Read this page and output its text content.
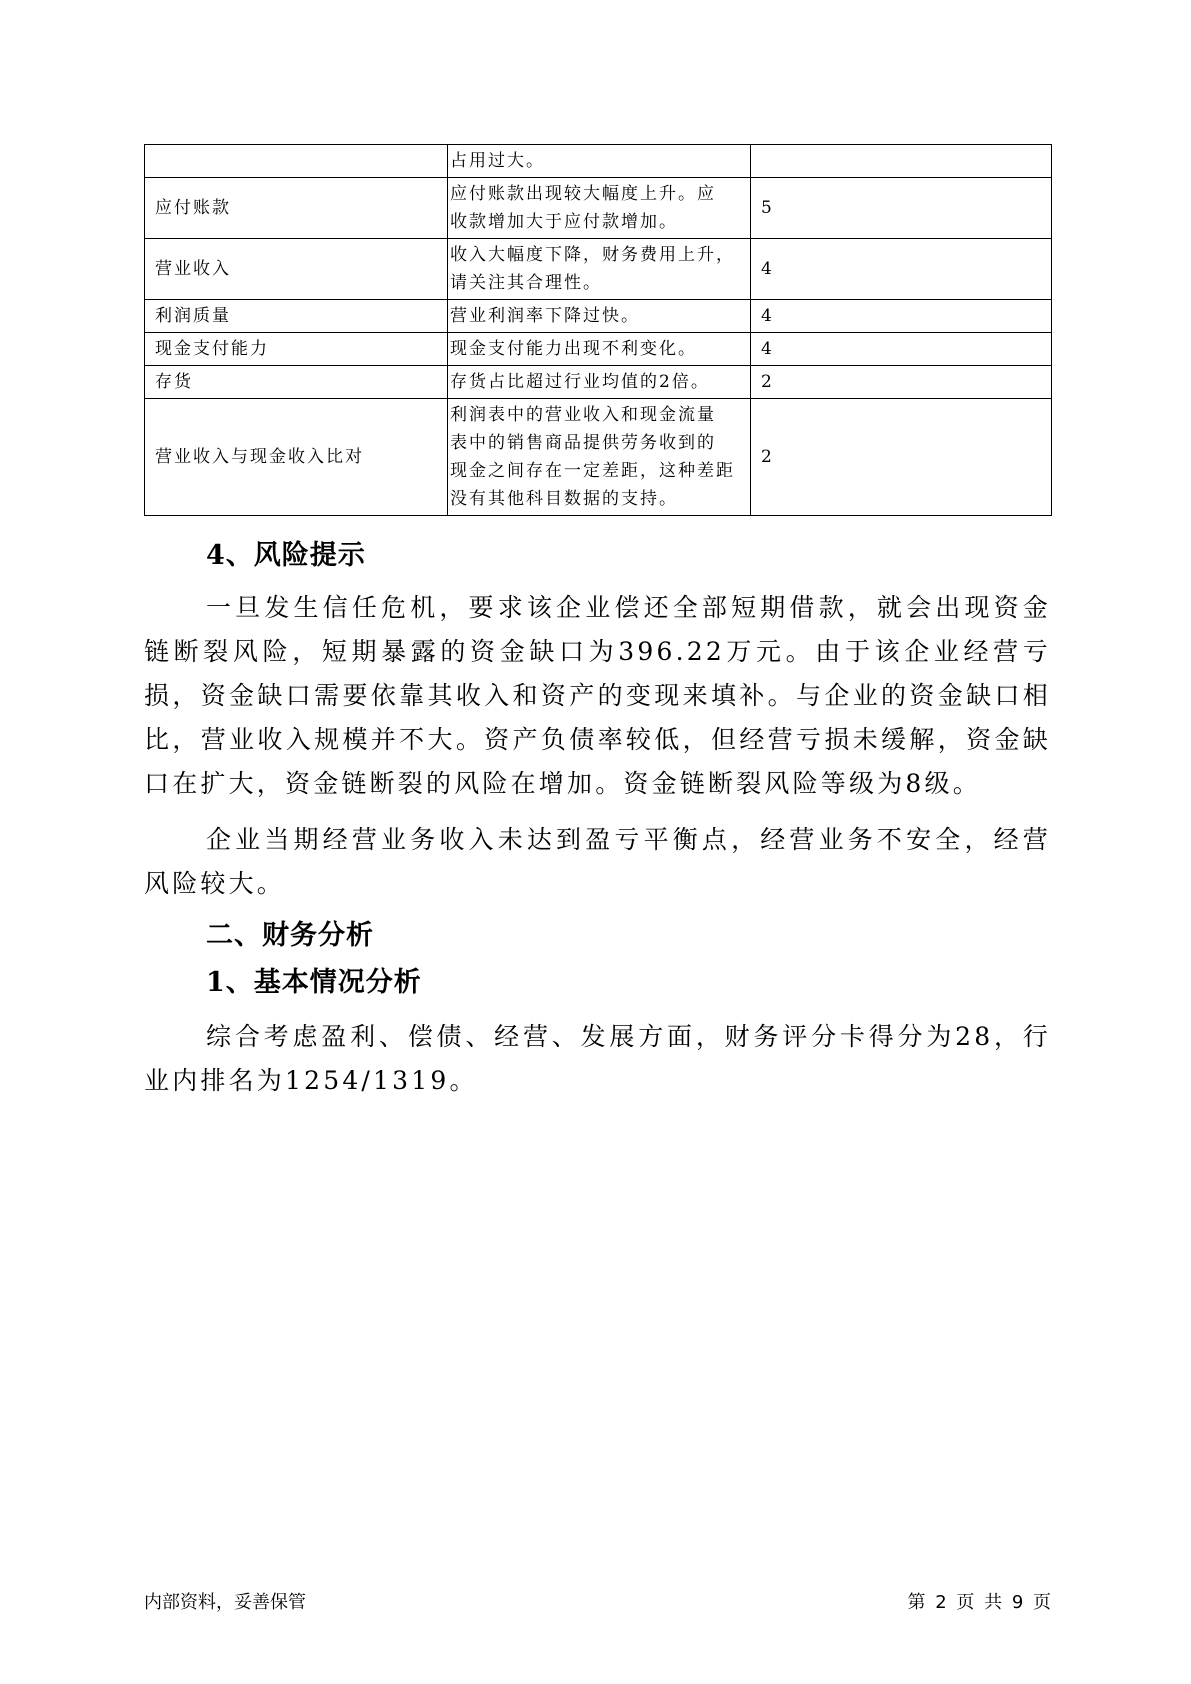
	占用过大。	

应付账款	应付账款出现较大幅度上升。应
收款增加大于应付款增加。	5
营业收入	收入大幅度下降，财务费用上升，
请关注其合理性。	4
利润质量	营业利润率下降过快。	4
现金支付能力	现金支付能力出现不利变化。	4
存货	存货占比超过行业均值的2倍。	2
营业收入与现金收入比对	利润表中的营业收入和现金流量
表中的销售商品提供劳务收到的
现金之间存在一定差距，这种差距
没有其他科目数据的支持。	2
4、风险提示

一旦发生信任危机，要求该企业偿还全部短期借款，就会出现资金链断裂风险，短期暴露的资金缺口为396.22万元。由于该企业经营亏损，资金缺口需要依靠其收入和资产的变现来填补。与企业的资金缺口相比，营业收入规模并不大。资产负债率较低，但经营亏损未缓解，资金缺口在扩大，资金链断裂的风险在增加。资金链断裂风险等级为8级。

企业当期经营业务收入未达到盈亏平衡点，经营业务不安全，经营风险较大。

二、财务分析
1、基本情况分析

综合考虑盈利、偿债、经营、发展方面，财务评分卡得分为28，行业内排名为1254/1319。

内部资料，妥善保管	第 2 页 共 9 页
